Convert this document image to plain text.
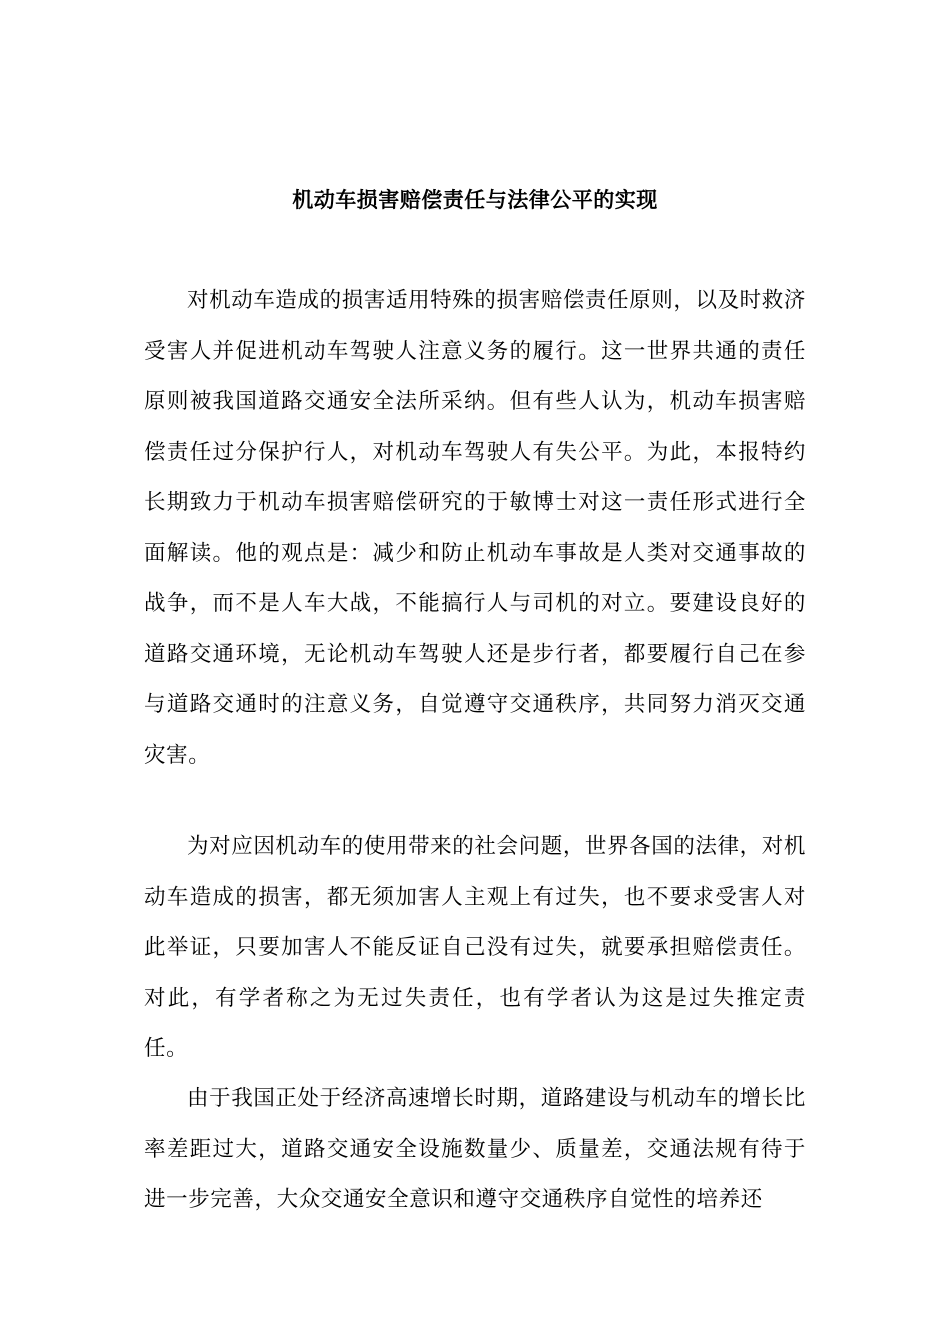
机动车损害赔偿责任与法律公平的实现

对机动车造成的损害适用特殊的损害赔偿责任原则，以及时救济受害人并促进机动车驾驶人注意义务的履行。这一世界共通的责任原则被我国道路交通安全法所采纳。但有些人认为，机动车损害赔偿责任过分保护行人，对机动车驾驶人有失公平。为此，本报特约长期致力于机动车损害赔偿研究的于敏博士对这一责任形式进行全面解读。他的观点是：减少和防止机动车事故是人类对交通事故的战争，而不是人车大战，不能搞行人与司机的对立。要建设良好的道路交通环境，无论机动车驾驶人还是步行者，都要履行自己在参与道路交通时的注意义务，自觉遵守交通秩序，共同努力消灭交通灾害。

为对应因机动车的使用带来的社会问题，世界各国的法律，对机动车造成的损害，都无须加害人主观上有过失，也不要求受害人对此举证，只要加害人不能反证自己没有过失，就要承担赔偿责任。对此，有学者称之为无过失责任，也有学者认为这是过失推定责任。

由于我国正处于经济高速增长时期，道路建设与机动车的增长比率差距过大，道路交通安全设施数量少、质量差，交通法规有待于进一步完善，大众交通安全意识和遵守交通秩序自觉性的培养还
